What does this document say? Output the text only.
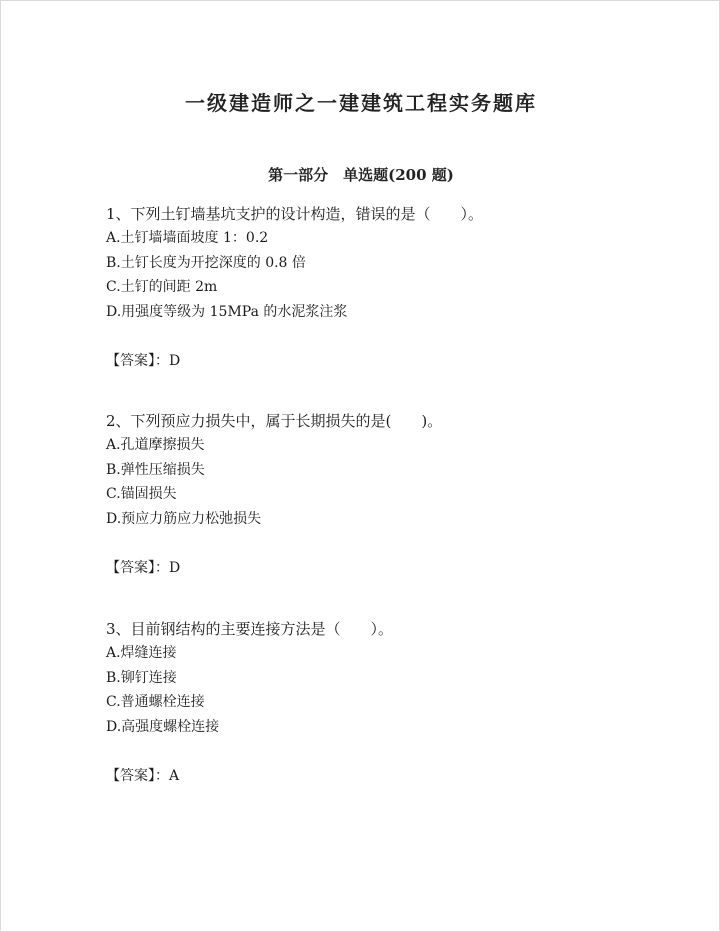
一级建造师之一建建筑工程实务题库
第一部分　单选题(200 题)
1、下列土钉墙基坑支护的设计构造，错误的是（　　）。
A.土钉墙墙面坡度 1：0.2
B.土钉长度为开挖深度的 0.8 倍
C.土钉的间距 2m
D.用强度等级为 15MPa 的水泥浆注浆
【答案】：D
2、下列预应力损失中，属于长期损失的是(　　)。
A.孔道摩擦损失
B.弹性压缩损失
C.锚固损失
D.预应力筋应力松弛损失
【答案】：D
3、目前钢结构的主要连接方法是（　　）。
A.焊缝连接
B.铆钉连接
C.普通螺栓连接
D.高强度螺栓连接
【答案】：A
